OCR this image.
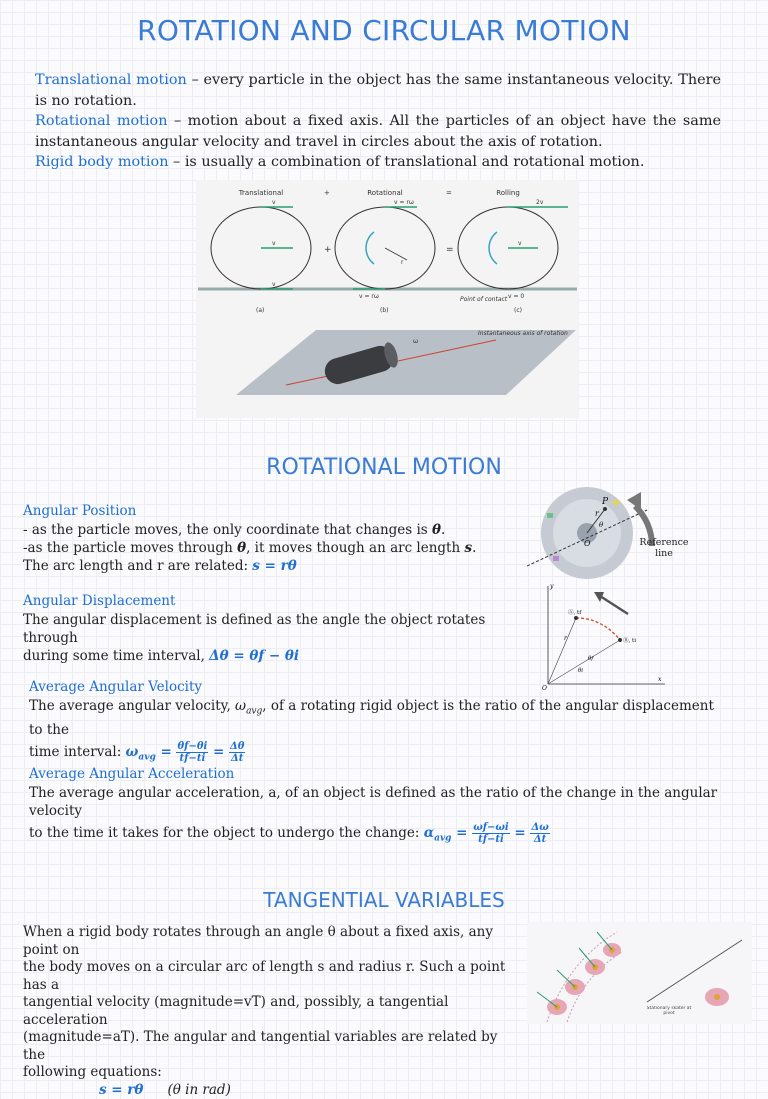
ROTATION AND CIRCULAR MOTION

Translational motion – every particle in the object has the same instantaneous velocity. There is no rotation.

Rotational motion – motion about a fixed axis. All the particles of an object have the same instantaneous angular velocity and travel in circles about the axis of rotation.

Rigid body motion – is usually a combination of translational and rotational motion.

Translational	+	Rotational	=	Rolling
v
v
v
+
r
v = rω
v = rω
=
2v
v
v = 0
Point of contact
(a)	(b)	(c)
ω
Instantaneous axis of rotation
ROTATIONAL MOTION
Angular Position
- as the particle moves, the only coordinate that changes is θ.
-as the particle moves through θ, it moves though an arc length s.
The arc length and r are related: s = rθ
P
r
θ
O	Reference line
y
x
O
Ⓐ, tf
Ⓑ, ti
r
θf
θi
Angular Displacement
The angular displacement is defined as the angle the object rotates through
during some time interval, Δθ = θf − θi
Average Angular Velocity
The average angular velocity, $\omega_{avg}$, of a rotating rigid object is the ratio of the angular displacement to the
time interval: $\omega_{avg} = \frac{\theta f-\theta i}{tf-ti} = \frac{\Delta\theta}{\Delta t}$
Average Angular Acceleration
The average angular acceleration, a, of an object is defined as the ratio of the change in the angular velocity
to the time it takes for the object to undergo the change: $\alpha_{avg} = \frac{\omega f-\omega i}{tf-ti} = \frac{\Delta\omega}{\Delta t}$
TANGENTIAL VARIABLES
When a rigid body rotates through an angle θ about a fixed axis, any point on
the body moves on a circular arc of length s and radius r. Such a point has a
tangential velocity (magnitude=vT) and, possibly, a tangential acceleration
(magnitude=aT). The angular and tangential variables are related by the
following equations:
s = rθ (θ in rad)
Stationary skater at pivot
